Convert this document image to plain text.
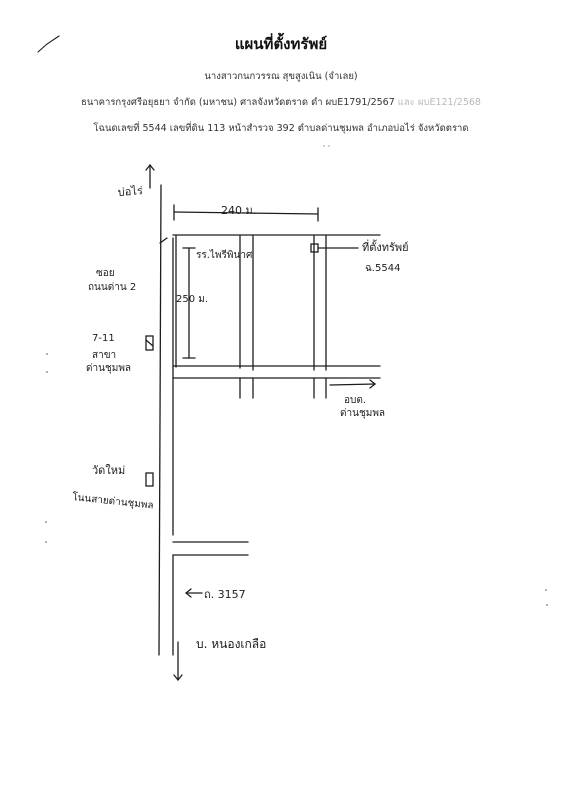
แผนที่ตั้งทรัพย์
นางสาวกนกวรรณ สุขสูงเนิน (จำเลย)
ธนาคารกรุงศรีอยุธยา จำกัด (มหาชน) ศาลจังหวัดตราด ดำ ผบE1791/2567 และ ผบE121/2568
โฉนดเลขที่ 5544 เลขที่ดิน 113 หน้าสำรวจ 392 ตำบลด่านชุมพล อำเภอบ่อไร่ จังหวัดตราด
บ่อไร่
240 ม.
รร.ไพรีพินาศ
ที่ตั้งทรัพย์
ฉ.5544
250 ม.
ซอย
ถนนด่าน 2
7-11
สาขา
ด่านชุมพล
อบต.
ด่านชุมพล
วัดใหม่
โนนสายด่านชุมพล
ถ. 3157
บ. หนองเกลือ
